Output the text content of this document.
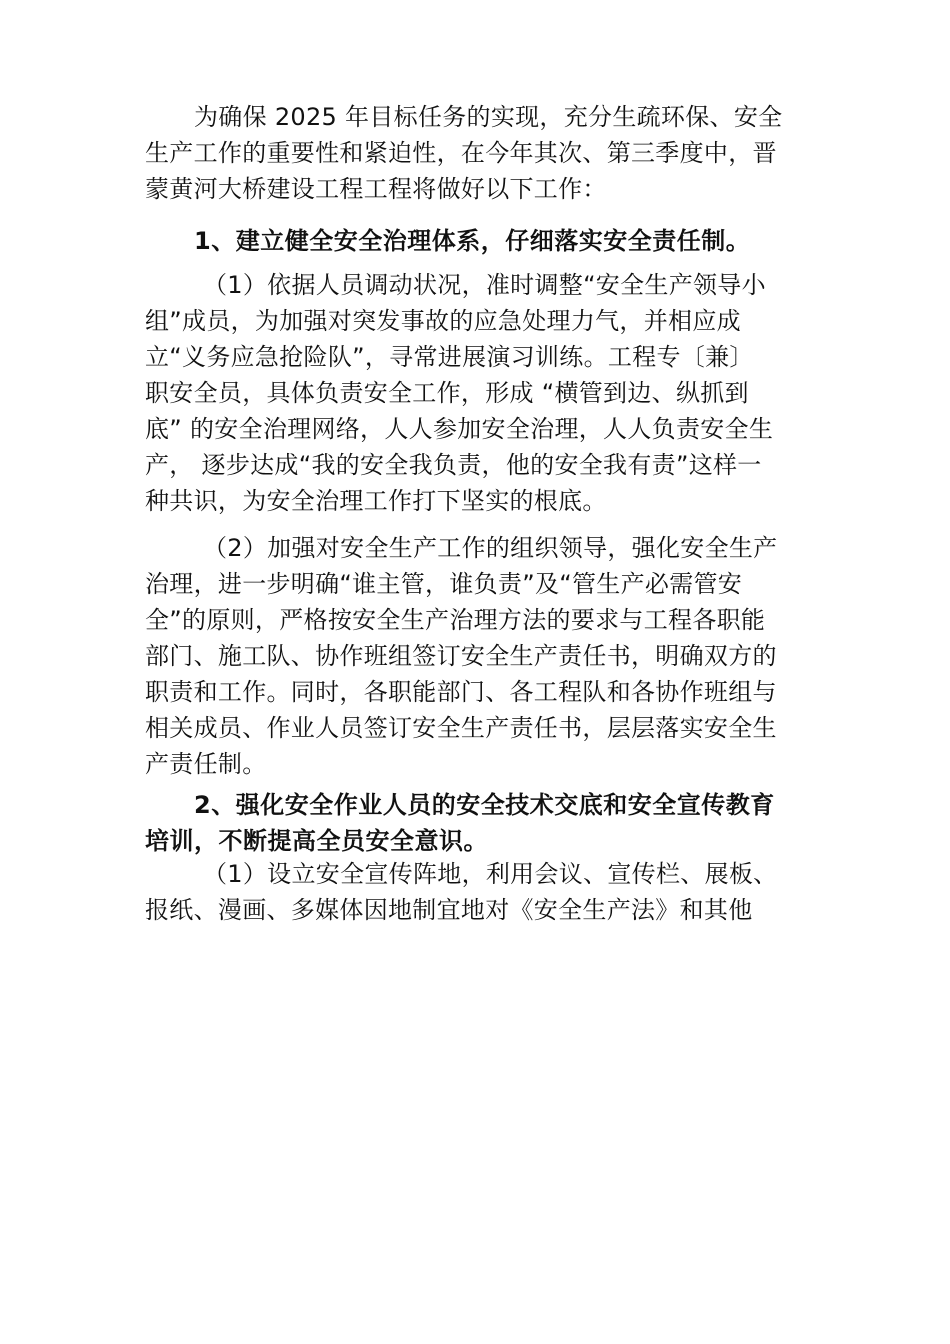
为确保 2025 年目标任务的实现，充分生疏环保、安全
生产工作的重要性和紧迫性，在今年其次、第三季度中，晋
蒙黄河大桥建设工程工程将做好以下工作：
1、建立健全安全治理体系，仔细落实安全责任制。
（1）依据人员调动状况，准时调整“安全生产领导小
组”成员，为加强对突发事故的应急处理力气，并相应成
立“义务应急抢险队”，寻常进展演习训练。工程专〔兼〕
职安全员，具体负责安全工作，形成 “横管到边、纵抓到
底” 的安全治理网络，人人参加安全治理，人人负责安全生
产， 逐步达成“我的安全我负责，他的安全我有责”这样一
种共识，为安全治理工作打下坚实的根底。
（2）加强对安全生产工作的组织领导，强化安全生产
治理，进一步明确“谁主管，谁负责”及“管生产必需管安
全”的原则，严格按安全生产治理方法的要求与工程各职能
部门、施工队、协作班组签订安全生产责任书，明确双方的
职责和工作。同时，各职能部门、各工程队和各协作班组与
相关成员、作业人员签订安全生产责任书，层层落实安全生
产责任制。
2、强化安全作业人员的安全技术交底和安全宣传教育
培训，不断提高全员安全意识。
（1）设立安全宣传阵地，利用会议、宣传栏、展板、
报纸、漫画、多媒体因地制宜地对《安全生产法》和其他
